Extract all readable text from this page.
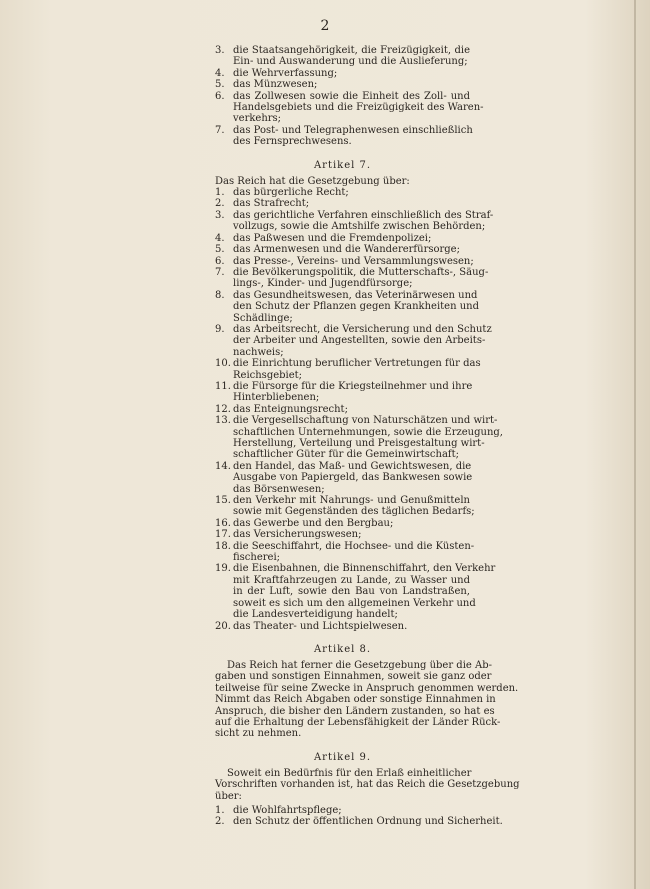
2
3. die Staatsangehörigkeit, die Freizügigkeit, die
Ein- und Auswanderung und die Auslieferung;
4. die Wehrverfassung;
5. das Münzwesen;
6. das Zollwesen sowie die Einheit des Zoll- und
Handelsgebiets und die Freizügigkeit des Waren-
verkehrs;
7. das Post- und Telegraphenwesen einschließlich
des Fernsprechwesens.
Artikel 7.
Das Reich hat die Gesetzgebung über:
1. das bürgerliche Recht;
2. das Strafrecht;
3. das gerichtliche Verfahren einschließlich des Straf-
vollzugs, sowie die Amtshilfe zwischen Behörden;
4. das Paßwesen und die Fremdenpolizei;
5. das Armenwesen und die Wandererfürsorge;
6. das Presse-, Vereins- und Versammlungswesen;
7. die Bevölkerungspolitik, die Mutterschafts-, Säug-
lings-, Kinder- und Jugendfürsorge;
8. das Gesundheitswesen, das Veterinärwesen und
den Schutz der Pflanzen gegen Krankheiten und
Schädlinge;
9. das Arbeitsrecht, die Versicherung und den Schutz
der Arbeiter und Angestellten, sowie den Arbeits-
nachweis;
10. die Einrichtung beruflicher Vertretungen für das
Reichsgebiet;
11. die Fürsorge für die Kriegsteilnehmer und ihre
Hinterbliebenen;
12. das Enteignungsrecht;
13. die Vergesellschaftung von Naturschätzen und wirt-
schaftlichen Unternehmungen, sowie die Erzeugung,
Herstellung, Verteilung und Preisgestaltung wirt-
schaftlicher Güter für die Gemeinwirtschaft;
14. den Handel, das Maß- und Gewichtswesen, die
Ausgabe von Papiergeld, das Bankwesen sowie
das Börsenwesen;
15. den Verkehr mit Nahrungs- und Genußmitteln
sowie mit Gegenständen des täglichen Bedarfs;
16. das Gewerbe und den Bergbau;
17. das Versicherungswesen;
18. die Seeschiffahrt, die Hochsee- und die Küsten-
fischerei;
19. die Eisenbahnen, die Binnenschiffahrt, den Verkehr
mit Kraftfahrzeugen zu Lande, zu Wasser und
in der Luft, sowie den Bau von Landstraßen,
soweit es sich um den allgemeinen Verkehr und
die Landesverteidigung handelt;
20. das Theater- und Lichtspielwesen.
Artikel 8.
Das Reich hat ferner die Gesetzgebung über die Ab-
gaben und sonstigen Einnahmen, soweit sie ganz oder
teilweise für seine Zwecke in Anspruch genommen werden.
Nimmt das Reich Abgaben oder sonstige Einnahmen in
Anspruch, die bisher den Ländern zustanden, so hat es
auf die Erhaltung der Lebensfähigkeit der Länder Rück-
sicht zu nehmen.
Artikel 9.
Soweit ein Bedürfnis für den Erlaß einheitlicher
Vorschriften vorhanden ist, hat das Reich die Gesetzgebung
über:
1. die Wohlfahrtspflege;
2. den Schutz der öffentlichen Ordnung und Sicherheit.
